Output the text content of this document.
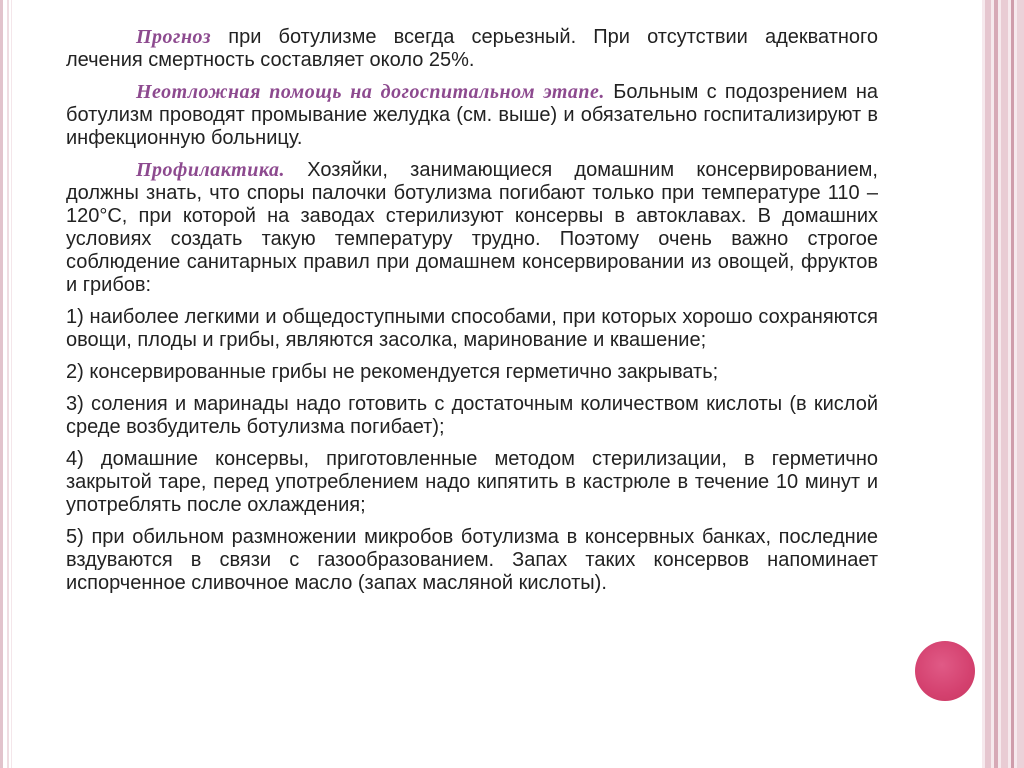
Прогноз при ботулизме всегда серьезный. При отсутствии адекватного лечения смертность составляет около 25%.

Неотложная помощь на догоспитальном этапе. Больным с подозрением на ботулизм проводят промывание желудка (см. выше) и обязательно госпитализируют в инфекционную больницу.

Профилактика. Хозяйки, занимающиеся домашним консервированием, должны знать, что споры палочки ботулизма погибают только при температуре 110 – 120°С, при которой на заводах стерилизуют консервы в автоклавах. В домашних условиях создать такую температуру трудно. Поэтому очень важно строгое соблюдение санитарных правил при домашнем консервировании из овощей, фруктов и грибов:

1) наиболее легкими и общедоступными способами, при которых хорошо сохраняются овощи, плоды и грибы, являются засолка, маринование и квашение;

2) консервированные грибы не рекомендуется герметично закрывать;

3) соления и маринады надо готовить с достаточным количеством кислоты (в кислой среде возбудитель ботулизма погибает);

4) домашние консервы, приготовленные методом стерилизации, в герметично закрытой таре, перед употреблением надо кипятить в кастрюле в течение 10 минут и употреблять после охлаждения;

5) при обильном размножении микробов ботулизма в консервных банках, последние вздуваются в связи с газообразованием. Запах таких консервов напоминает испорченное сливочное масло (запах масляной кислоты).
